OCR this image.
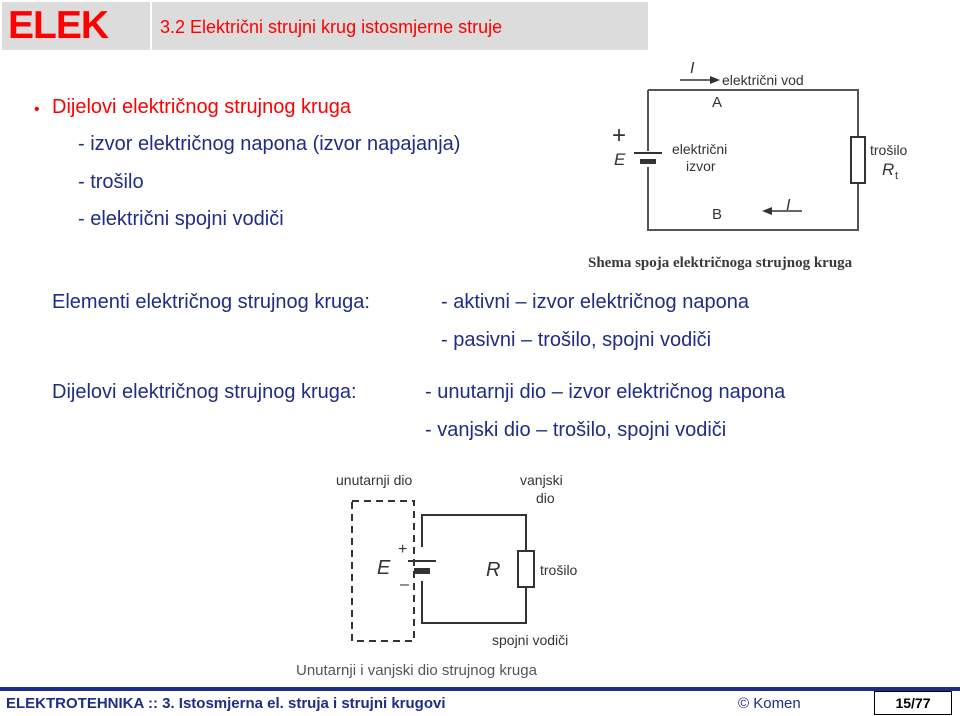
ELEK	3.2 Električni strujni krug istosmjerne struje
• Dijelovi električnog strujnog kruga
- izvor električnog napona (izvor napajanja)
- trošilo
- električni spojni vodiči
I
električni vod
A
B
I
+
E
električni
izvor
trošilo
R t
Shema spoja električnoga strujnog kruga
Elementi električnog strujnog kruga:	- aktivni – izvor električnog napona
- pasivni – trošilo, spojni vodiči
Dijelovi električnog strujnog kruga:	- unutarnji dio – izvor električnog napona
- vanjski dio – trošilo, spojni vodiči
unutarnji dio	vanjski
dio
E
+
–
R	trošilo
spojni vodiči
Unutarnji i vanjski dio strujnog kruga
ELEKTROTEHNIKA :: 3. Istosmjerna el. struja i strujni krugovi	© Komen	15/77
